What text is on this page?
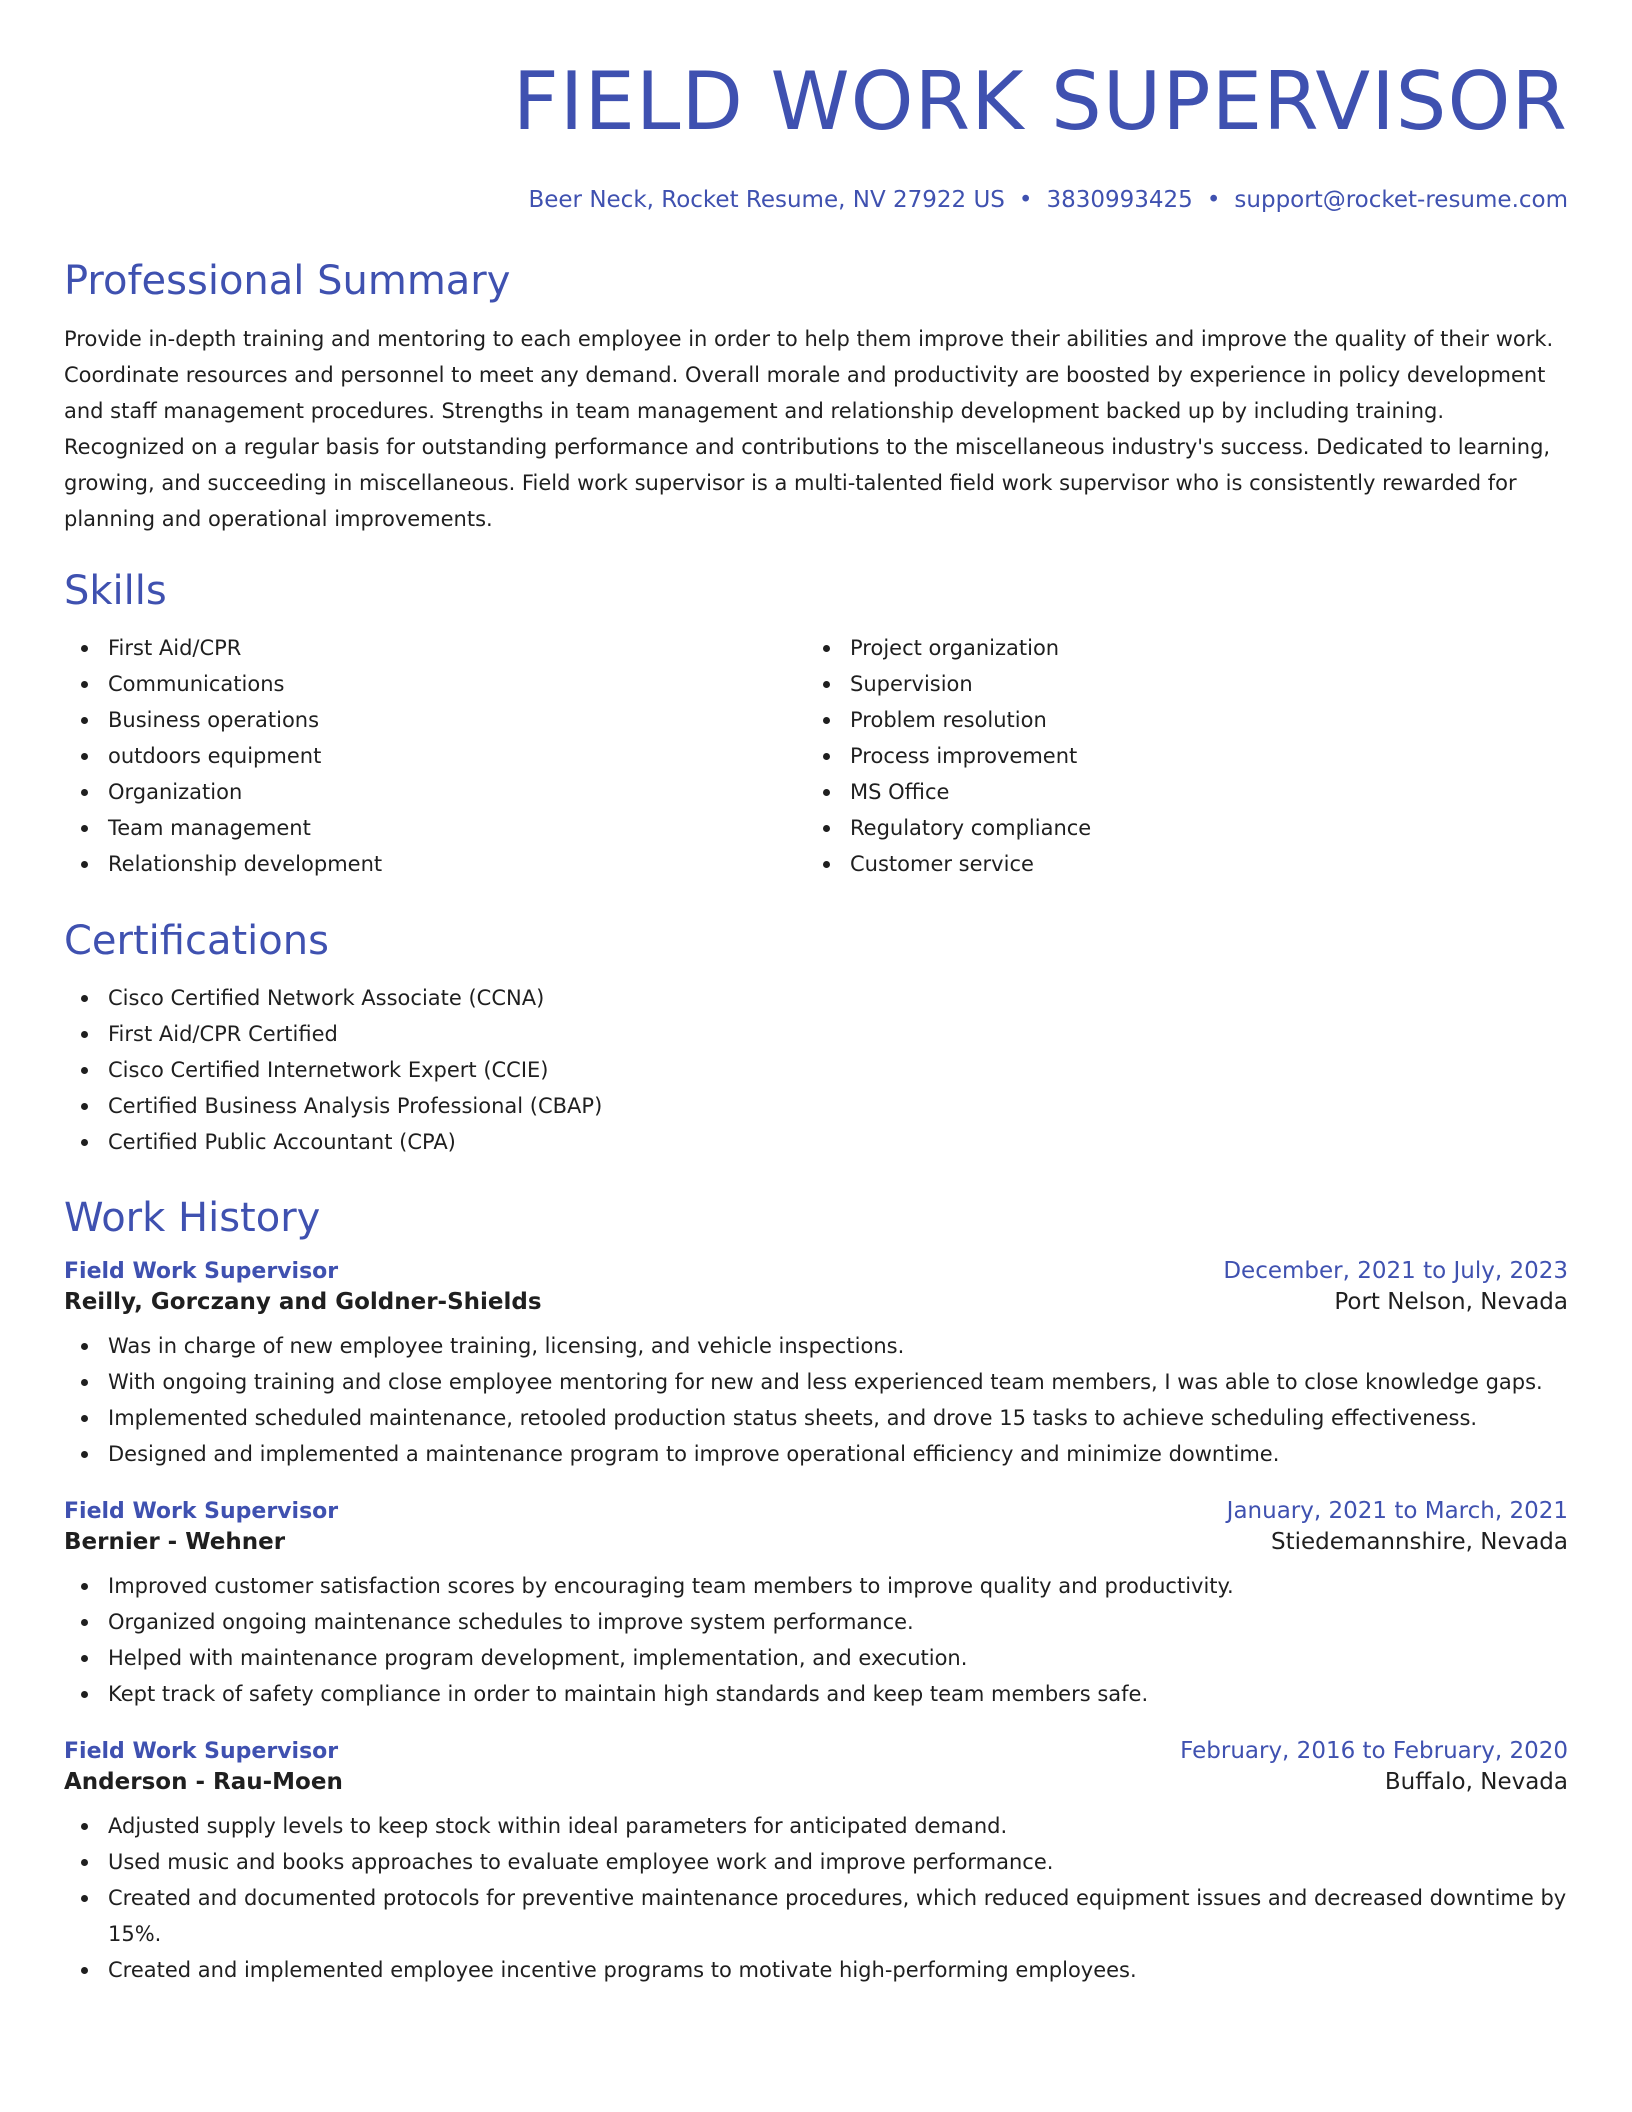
FIELD WORK SUPERVISOR
Beer Neck, Rocket Resume, NV 27922 US • 3830993425 • support@rocket-resume.com
Professional Summary

Provide in-depth training and mentoring to each employee in order to help them improve their abilities and improve the quality of their work. Coordinate resources and personnel to meet any demand. Overall morale and productivity are boosted by experience in policy development and staff management procedures. Strengths in team management and relationship development backed up by including training. Recognized on a regular basis for outstanding performance and contributions to the miscellaneous industry's success. Dedicated to learning, growing, and succeeding in miscellaneous. Field work supervisor is a multi-talented field work supervisor who is consistently rewarded for planning and operational improvements.

Skills
First Aid/CPR
Communications
Business operations
outdoors equipment
Organization
Team management
Relationship development
Project organization
Supervision
Problem resolution
Process improvement
MS Office
Regulatory compliance
Customer service
Certifications
Cisco Certified Network Associate (CCNA)
First Aid/CPR Certified
Cisco Certified Internetwork Expert (CCIE)
Certified Business Analysis Professional (CBAP)
Certified Public Accountant (CPA)
Work History
Field Work Supervisor	December, 2021 to July, 2023
Reilly, Gorczany and Goldner-Shields	Port Nelson, Nevada
Was in charge of new employee training, licensing, and vehicle inspections.
With ongoing training and close employee mentoring for new and less experienced team members, I was able to close knowledge gaps.
Implemented scheduled maintenance, retooled production status sheets, and drove 15 tasks to achieve scheduling effectiveness.
Designed and implemented a maintenance program to improve operational efficiency and minimize downtime.
Field Work Supervisor	January, 2021 to March, 2021
Bernier - Wehner	Stiedemannshire, Nevada
Improved customer satisfaction scores by encouraging team members to improve quality and productivity.
Organized ongoing maintenance schedules to improve system performance.
Helped with maintenance program development, implementation, and execution.
Kept track of safety compliance in order to maintain high standards and keep team members safe.
Field Work Supervisor	February, 2016 to February, 2020
Anderson - Rau-Moen	Buffalo, Nevada
Adjusted supply levels to keep stock within ideal parameters for anticipated demand.
Used music and books approaches to evaluate employee work and improve performance.
Created and documented protocols for preventive maintenance procedures, which reduced equipment issues and decreased downtime by 15%.
Created and implemented employee incentive programs to motivate high-performing employees.
